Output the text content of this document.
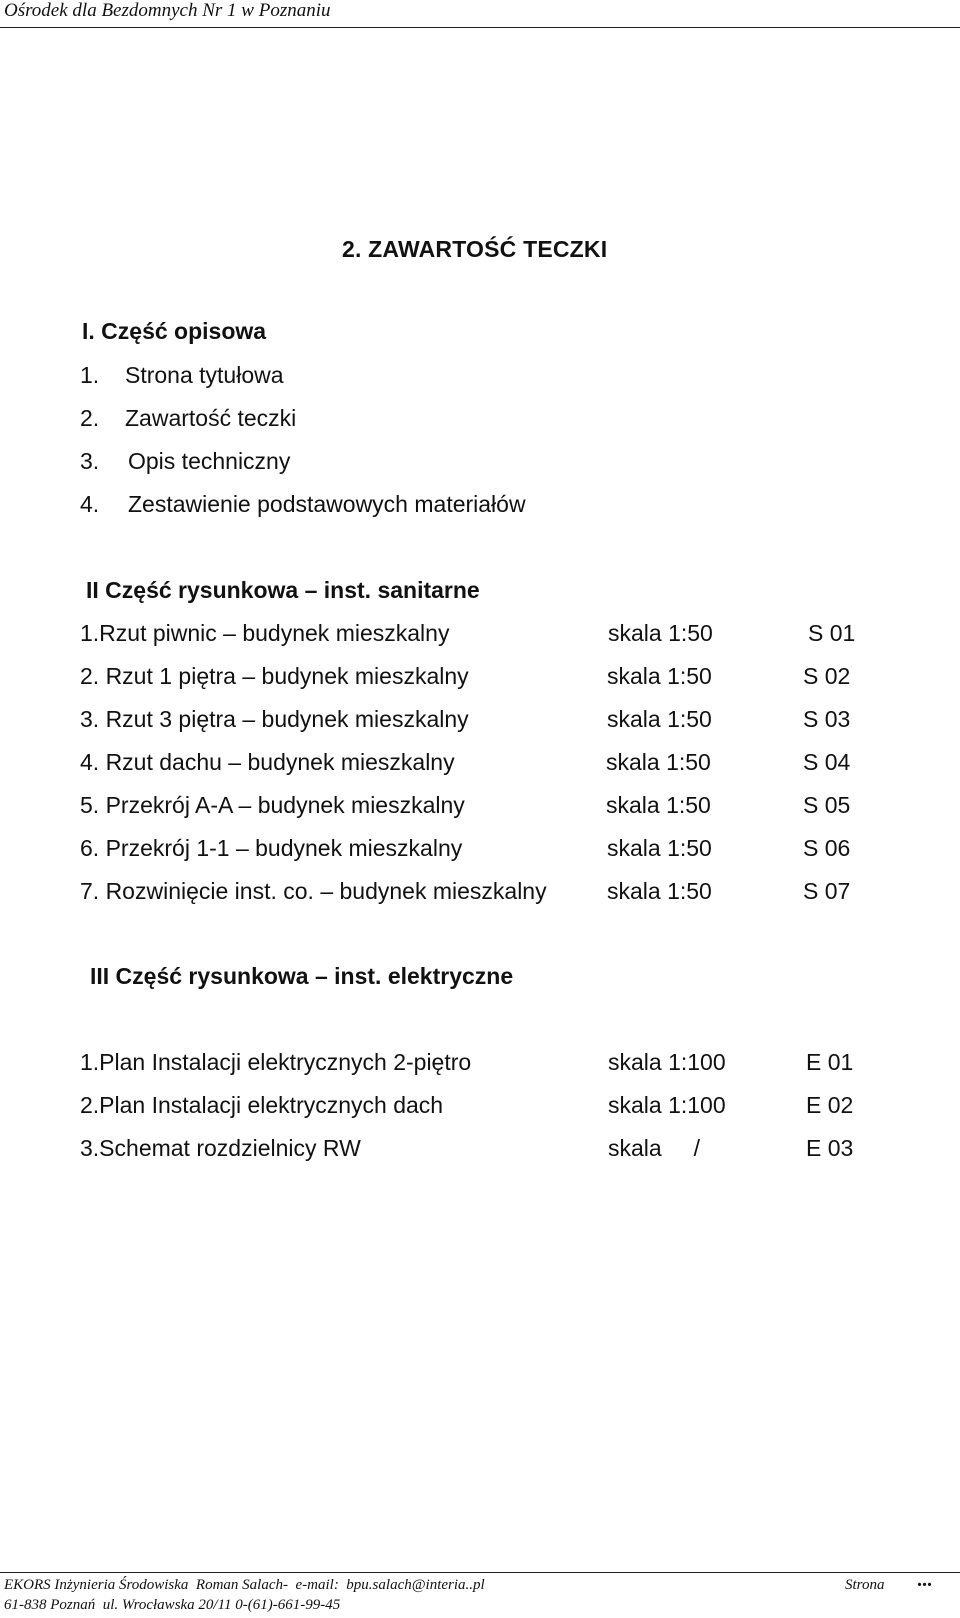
Ośrodek dla Bezdomnych Nr 1 w Poznaniu
2. ZAWARTOŚĆ TECZKI
I. Część opisowa
1. Strona tytułowa
2. Zawartość teczki
3. Opis techniczny
4. Zestawienie podstawowych materiałów
II Część rysunkowa – inst. sanitarne
1.Rzut piwnic – budynek mieszkalny	skala 1:50	S 01
2. Rzut 1 piętra – budynek mieszkalny	skala 1:50	S 02
3. Rzut 3 piętra – budynek mieszkalny	skala 1:50	S 03
4. Rzut dachu – budynek mieszkalny	skala 1:50	S 04
5. Przekrój A-A – budynek mieszkalny	skala 1:50	S 05
6. Przekrój 1-1 – budynek mieszkalny	skala 1:50	S 06
7. Rozwinięcie inst. co. – budynek mieszkalny	skala 1:50	S 07
III Część rysunkowa – inst. elektryczne
1.Plan Instalacji elektrycznych 2-piętro	skala 1:100	E 01
2.Plan Instalacji elektrycznych dach	skala 1:100	E 02
3.Schemat rozdzielnicy RW	skala     /	E 03
EKORS Inżynieria Środowiska  Roman Salach-  e-mail:  bpu.salach@interia..pl	Strona ...
61-838 Poznań  ul. Wrocławska 20/11 0-(61)-661-99-45
